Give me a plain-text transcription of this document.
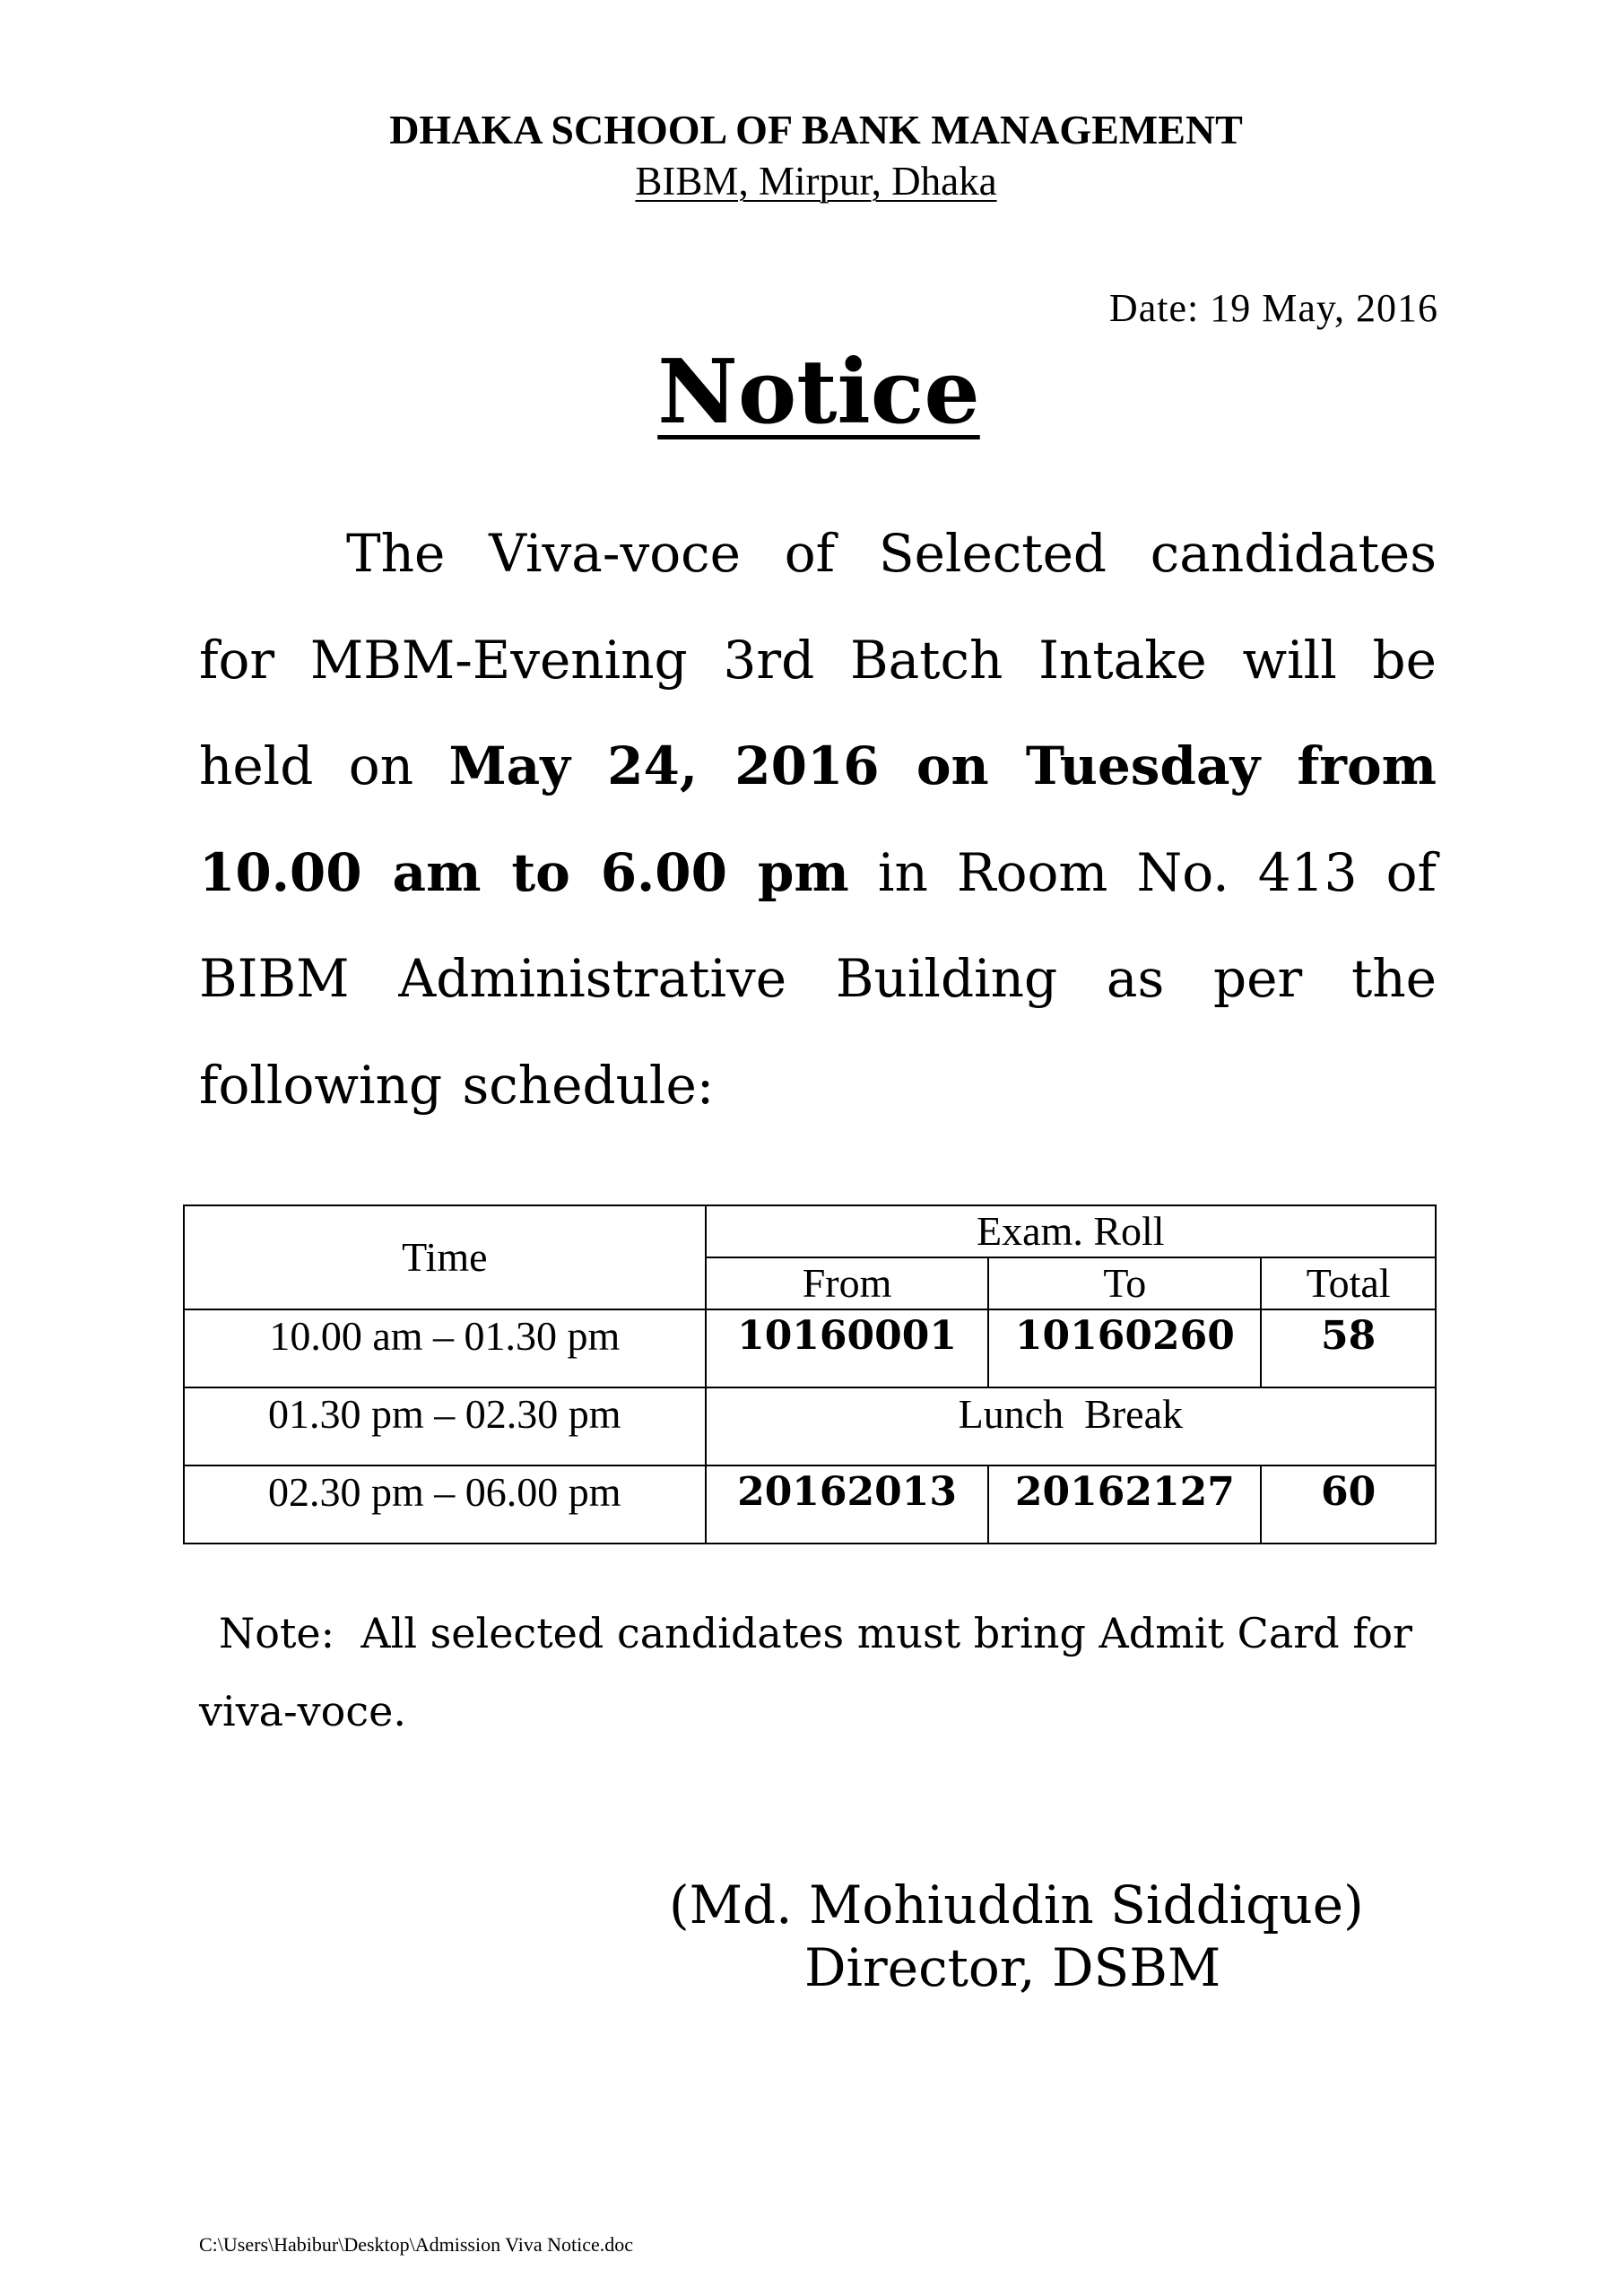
DHAKA SCHOOL OF BANK MANAGEMENT
BIBM, Mirpur, Dhaka
Date: 19 May, 2016
Notice
The Viva-voce of Selected candidates for MBM-Evening 3rd Batch Intake will be held on May 24, 2016 on Tuesday from 10.00 am to 6.00 pm in Room No. 413 of BIBM Administrative Building as per the following schedule:
Time	Exam. Roll		
	From	To	Total
10.00 am – 01.30 pm	10160001	10160260	58
01.30 pm – 02.30 pm	Lunch  Break		
02.30 pm – 06.00 pm	20162013	20162127	60
Note: All selected candidates must bring Admit Card for viva-voce.
(Md. Mohiuddin Siddique)
Director, DSBM
C:\Users\Habibur\Desktop\Admission Viva Notice.doc
